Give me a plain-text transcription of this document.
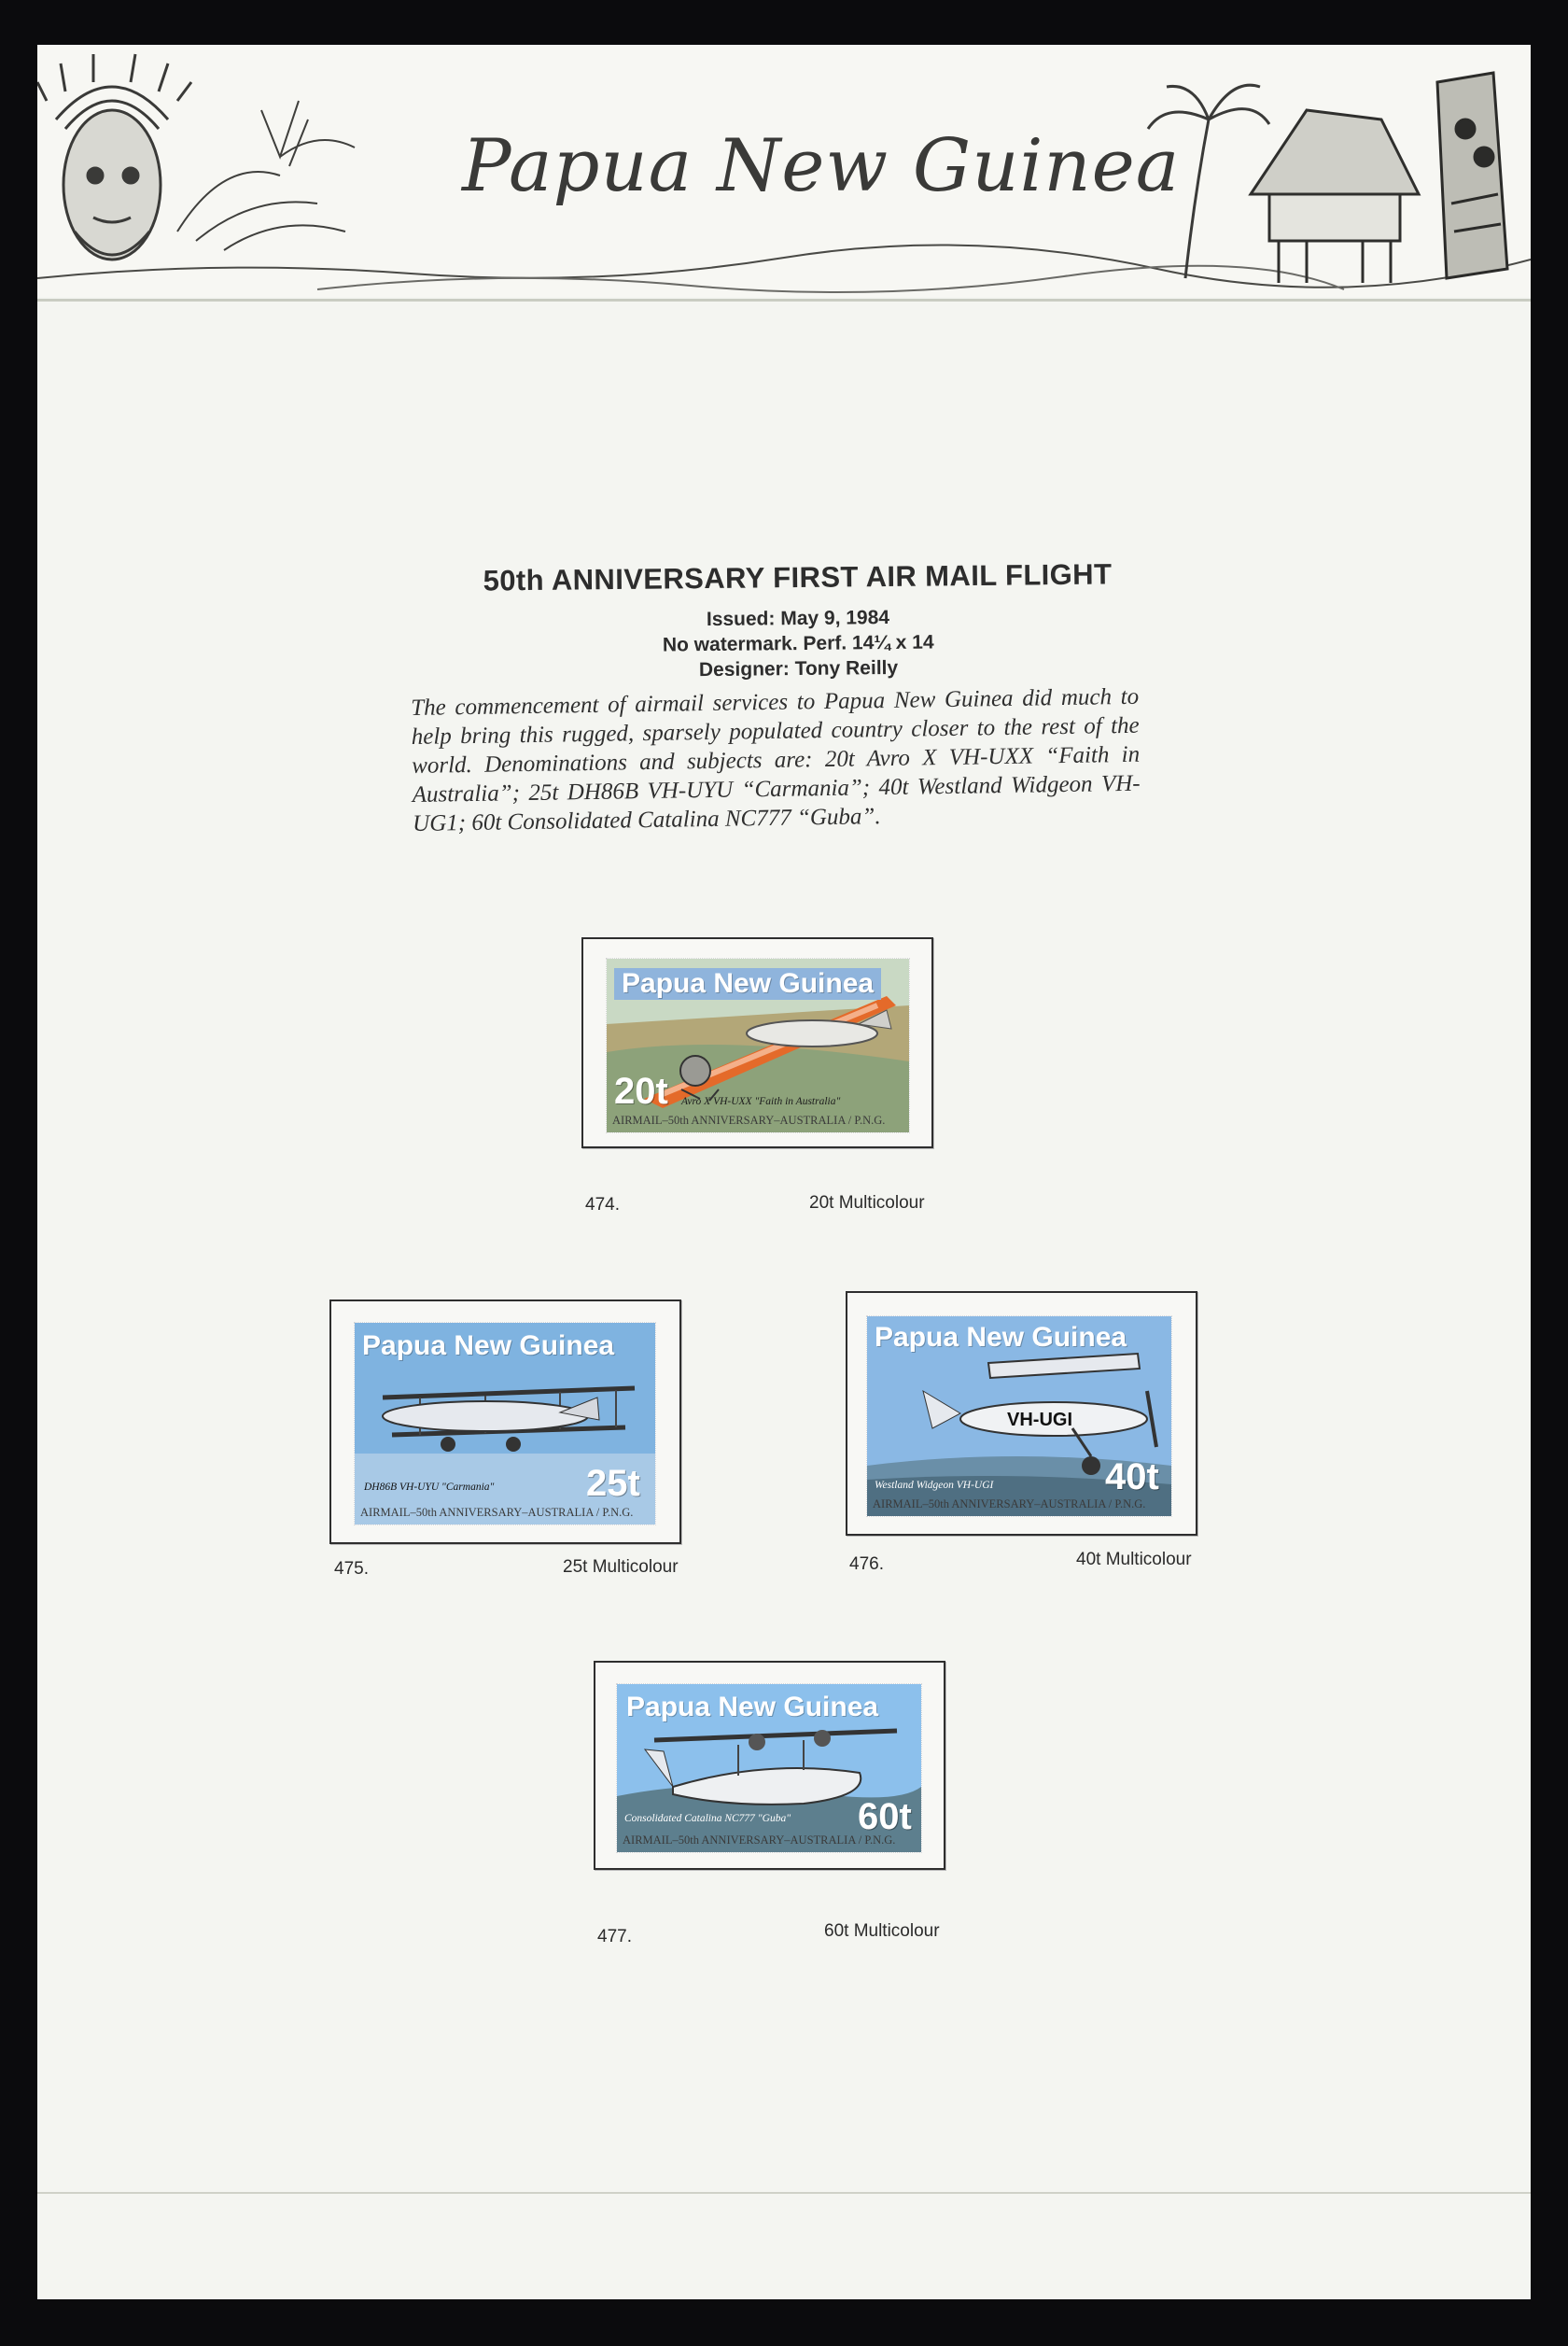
Papua New Guinea
50th ANNIVERSARY FIRST AIR MAIL FLIGHT
Issued: May 9, 1984
No watermark. Perf. 14¼ x 14
Designer: Tony Reilly
The commencement of airmail services to Papua New Guinea did much to help bring this rugged, sparsely populated country closer to the rest of the world. Denominations and subjects are: 20t Avro X VH-UXX “Faith in Australia”; 25t DH86B VH-UYU “Carmania”; 40t Westland Widgeon VH-UG1; 60t Consolidated Catalina NC777 “Guba”.
Papua New Guinea
20t Avro X VH-UXX "Faith in Australia"
AIRMAIL–50th ANNIVERSARY–AUSTRALIA / P.N.G.
474.	20t Multicolour
Papua New Guinea
DH86B VH-UYU "Carmania" 25t
AIRMAIL–50th ANNIVERSARY–AUSTRALIA / P.N.G.
475.	25t Multicolour
Papua New Guinea
VH-UGI
40t
Westland Widgeon VH-UGI
AIRMAIL–50th ANNIVERSARY–AUSTRALIA / P.N.G.
476.	40t Multicolour
Papua New Guinea
Consolidated Catalina NC777 "Guba" 60t
AIRMAIL–50th ANNIVERSARY–AUSTRALIA / P.N.G.
477.	60t Multicolour
